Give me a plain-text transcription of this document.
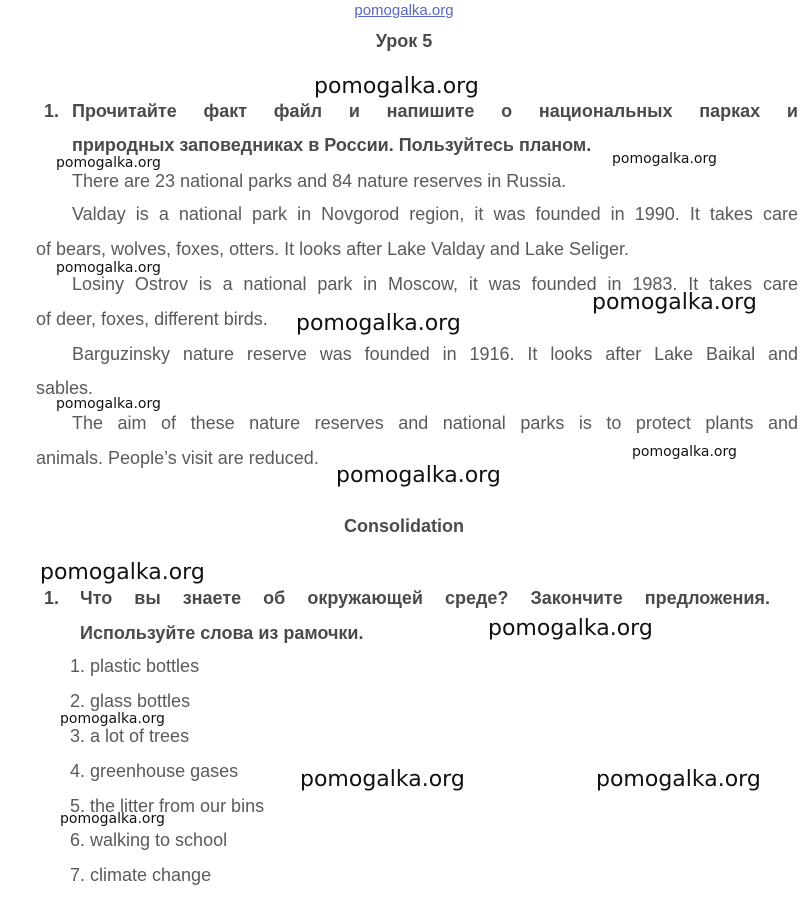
pomogalka.org
Урок 5
1. Прочитайте факт файл и напишите о национальных парках и
природных заповедниках в России. Пользуйтесь планом.
There are 23 national parks and 84 nature reserves in Russia.
Valday is a national park in Novgorod region, it was founded in 1990. It takes care
of bears, wolves, foxes, otters. It looks after Lake Valday and Lake Seliger.
Losiny Ostrov is a national park in Moscow, it was founded in 1983. It takes care
of deer, foxes, different birds.
Barguzinsky nature reserve was founded in 1916. It looks after Lake Baikal and
sables.
The aim of these nature reserves and national parks is to protect plants and
animals. People’s visit are reduced.
Consolidation
1. Что вы знаете об окружающей среде? Закончите предложения.
Используйте слова из рамочки.
1. plastic bottles
2. glass bottles
3. a lot of trees
4. greenhouse gases
5. the litter from our bins
6. walking to school
7. climate change
pomogalka.org
pomogalka.org	pomogalka.org
pomogalka.org
pomogalka.org
pomogalka.org
pomogalka.org
pomogalka.org
pomogalka.org
pomogalka.org
pomogalka.org
pomogalka.org
pomogalka.org	pomogalka.org
pomogalka.org
